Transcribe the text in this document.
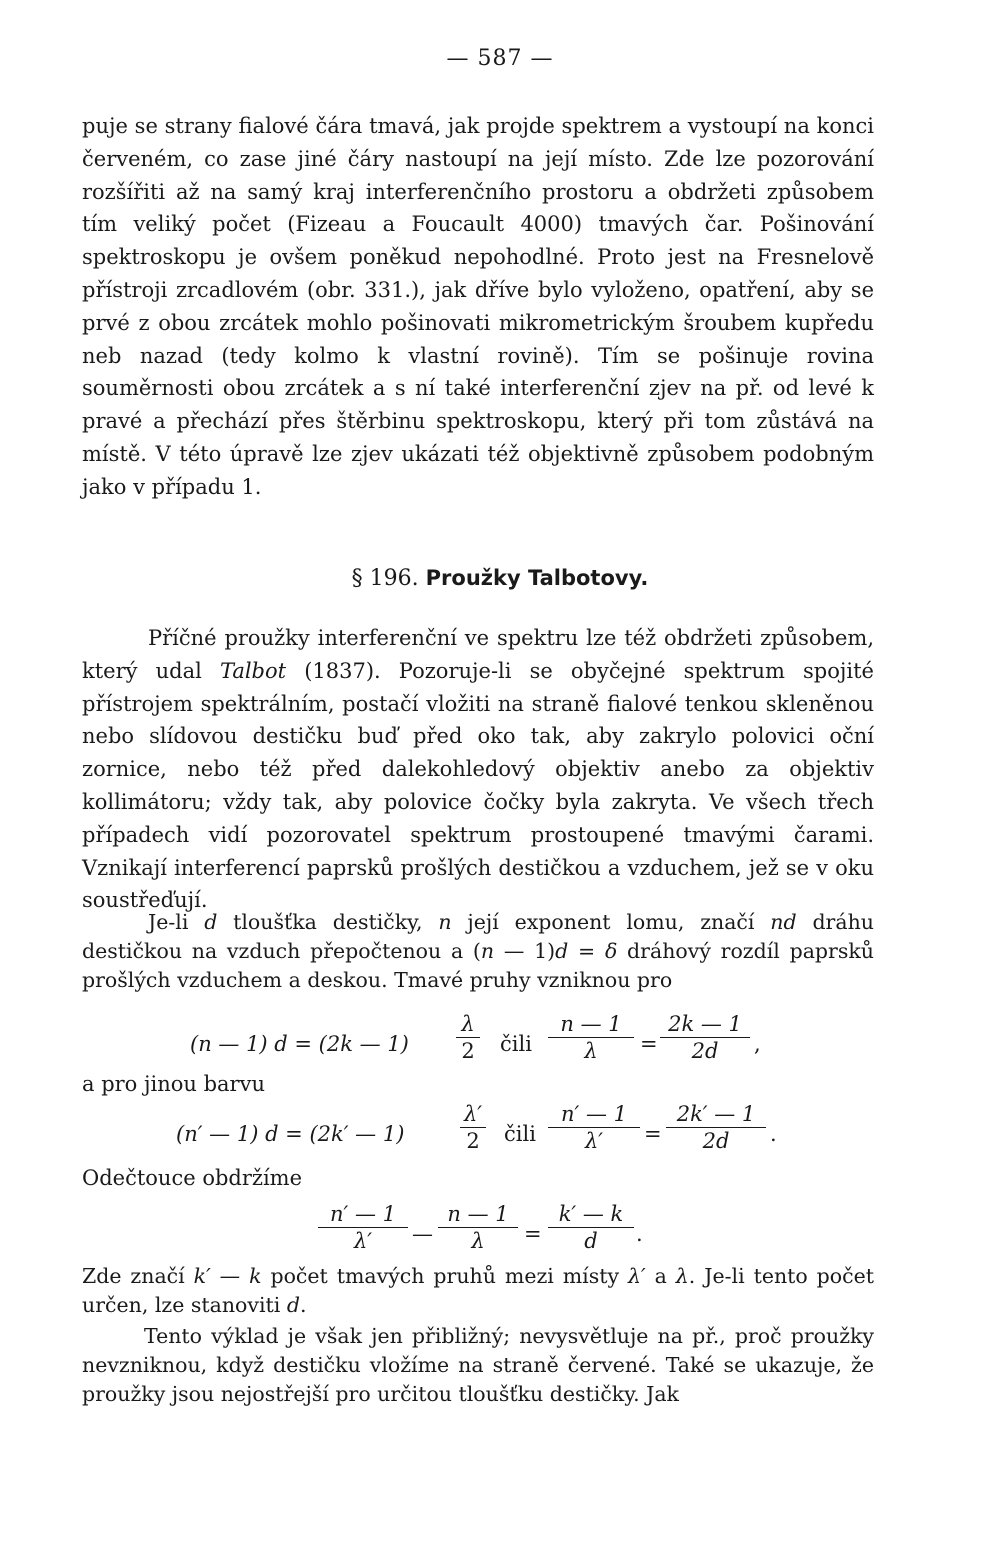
— 587 —

puje se strany fialové čára tmavá, jak projde spektrem a vystoupí na konci červeném, co zase jiné čáry nastoupí na její místo. Zde lze pozorování rozšířiti až na samý kraj interferenčního prostoru a obdržeti způsobem tím veliký počet (Fizeau a Foucault 4000) tmavých čar. Pošinování spektroskopu je ovšem poněkud nepohodlné. Proto jest na Fresnelově přístroji zrcadlovém (obr. 331.), jak dříve bylo vyloženo, opatření, aby se prvé z obou zrcátek mohlo pošinovati mikrometrickým šroubem kupředu neb nazad (tedy kolmo k vlastní rovině). Tím se pošinuje rovina souměrnosti obou zrcátek a s ní také interferenční zjev na př. od levé k pravé a přechází přes štěrbinu spektroskopu, který při tom zůstává na místě. V této úpravě lze zjev ukázati též objektivně způsobem podobným jako v případu 1.

§ 196. Proužky Talbotovy.

Příčné proužky interferenční ve spektru lze též obdržeti způsobem, který udal Talbot (1837). Pozoruje-li se obyčejné spektrum spojité přístrojem spektrálním, postačí vložiti na straně fialové tenkou skleněnou nebo slídovou destičku buď před oko tak, aby zakrylo polovici oční zornice, nebo též před dalekohledový objektiv anebo za objektiv kollimátoru; vždy tak, aby polovice čočky byla zakryta. Ve všech třech případech vidí pozorovatel spektrum prostoupené tmavými čarami. Vznikají interferencí paprsků prošlých destičkou a vzduchem, jež se v oku soustřeďují.

Je-li d tloušťka destičky, n její exponent lomu, značí nd dráhu destičkou na vzduch přepočtenou a (n — 1)d = δ dráhový rozdíl paprsků prošlých vzduchem a deskou. Tmavé pruhy vzniknou pro

(n — 1) d = (2k — $1) \frac{\lambda}{2}$ čili $\frac{n — 1}{\lambda} = \frac{2k — 1}{2d}$ ,
a pro jinou barvu
(n′ — 1) d = (2k′ — 1)	$\frac{\lambda'}{2}$ čili $\frac{n' — 1}{\lambda'} = \frac{2k' — 1}{2d}$ .
Odečtouce obdržíme
$\frac{n' — 1}{\lambda'}$ — $\frac{n — 1}{\lambda} = \frac{k' — k}{d}$ .

Zde značí k′ — k počet tmavých pruhů mezi místy λ′ a λ. Je-li tento počet určen, lze stanoviti d.

Tento výklad je však jen přibližný; nevysvětluje na př., proč proužky nevzniknou, když destičku vložíme na straně červené. Také se ukazuje, že proužky jsou nejostřejší pro určitou tloušťku destičky. Jak
